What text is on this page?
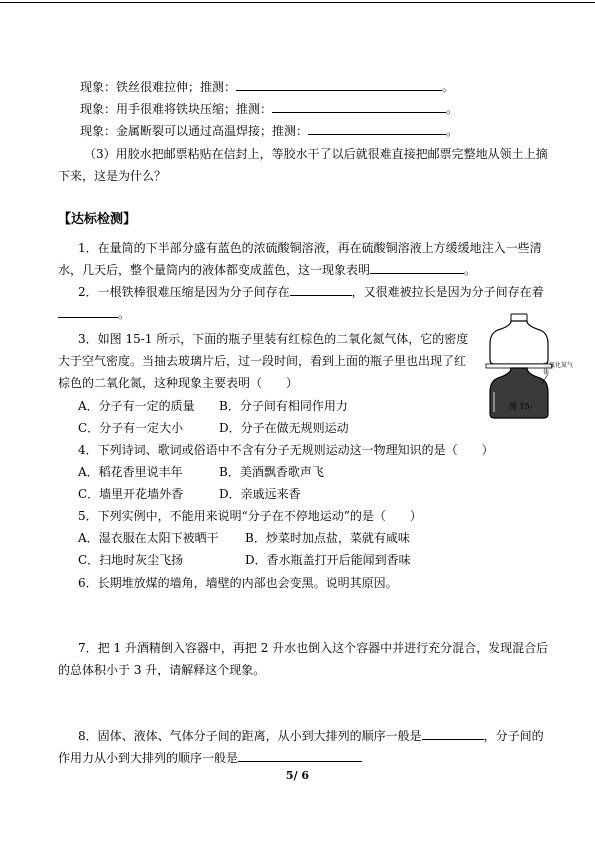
现象：铁丝很难拉伸；推测：	。
现象：用手很难将铁块压缩；推测：	。
现象：金属断裂可以通过高温焊接；推测：	。
（3）用胶水把邮票粘贴在信封上，等胶水干了以后就很难直接把邮票完整地从领土上摘
下来，这是为什么？
【达标检测】
1．在量筒的下半部分盛有蓝色的浓硫酸铜溶液，再在硫酸铜溶液上方缓缓地注入一些清
水，几天后，整个量筒内的液体都变成蓝色，这一现象表明	。
2．一根铁棒很难压缩是因为分子间存在	，又很难被拉长是因为分子间存在着
。
3．如图 15-1 所示，下面的瓶子里装有红棕色的二氧化氮气体，它的密度
大于空气密度。当抽去玻璃片后，过一段时间，看到上面的瓶子里也出现了红
棕色的二氧化氮，这种现象主要表明（　　）
A．分子有一定的质量 B．分子间有相同作用力
C．分子有一定大小	D．分子在做无规则运动
二氧化氮气体
图 15-
4．下列诗词、歌词或俗语中不含有分子无规则运动这一物理知识的是（　　）
A．稻花香里说丰年	B．美酒飘香歌声飞
C．墙里开花墙外香	D．亲戚远来香
5．下列实例中，不能用来说明“分子在不停地运动”的是（　　）
A．湿衣服在太阳下被晒干 B．炒菜时加点盐，菜就有咸味
C．扫地时灰尘飞扬	D．香水瓶盖打开后能闻到香味
6．长期堆放煤的墙角，墙壁的内部也会变黑。说明其原因。
7．把 1 升酒精倒入容器中，再把 2 升水也倒入这个容器中并进行充分混合，发现混合后
的总体积小于 3 升，请解释这个现象。
8．固体、液体、气体分子间的距离，从小到大排列的顺序一般是	，分子间的
作用力从小到大排列的顺序一般是
5/ 6
